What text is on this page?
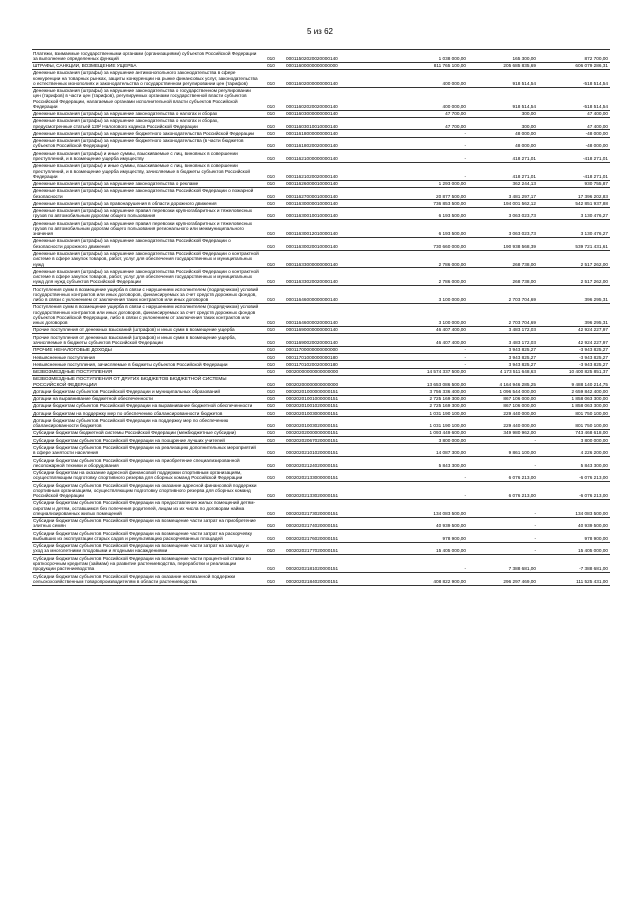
5 из 62
Платежи, взимаемые государственными органами (организациями) субъектов Российской Федерации за выполнение определенных функций	010	00011502020020000140	1 038 000,00	165 300,00	872 700,00
ШТРАФЫ, САНКЦИИ, ВОЗМЕЩЕНИЕ УЩЕРБА	010	00011600000000000000	811 765 100,00	205 685 835,69	606 079 286,31
Денежные взыскания (штрафы) за нарушение антимонопольного законодательства в сфере конкуренции на товарных рынках, защиты конкуренции на рынке финансовых услуг, законодательства о естественных монополиях и законодательства о государственном регулировании цен (тарифов)	010	00011602000000000140	400 000,00	918 514,54	-518 514,54
Денежные взыскания (штрафы) за нарушение законодательства о государственном регулировании цен (тарифов) в части цен (тарифов), регулируемых органами государственной власти субъектов Российской Федерации, налагаемые органами исполнительной власти субъектов Российской Федерации	010	00011602020020000140	400 000,00	918 514,54	-518 514,54
Денежные взыскания (штрафы) за нарушение законодательства о налогах и сборах	010	00011603000000000140	47 700,00	300,00	47 400,00
Денежные взыскания (штрафы) за нарушение законодательства о налогах и сборах, предусмотренные статьей 129² Налогового кодекса Российской Федерации	010	00011603010010000140	47 700,00	300,00	47 400,00
Денежные взыскания (штрафы) за нарушение бюджетного законодательства Российской Федерации	010	00011618000000000140	-	48 000,00	-48 000,00
Денежные взыскания (штрафы) за нарушение бюджетного законодательства (в части бюджетов субъектов Российской Федерации)	010	00011618020020000140	-	48 000,00	-48 000,00
Денежные взыскания (штрафы) и иные суммы, взыскиваемые с лиц, виновных в совершении преступлений, и в возмещение ущерба имуществу	010	00011621000000000140	-	418 271,01	-418 271,01
Денежные взыскания (штрафы) и иные суммы, взыскиваемые с лиц, виновных в совершении преступлений, и в возмещение ущерба имуществу, зачисляемые в бюджеты субъектов Российской Федерации	010	00011621020020000140	-	418 271,01	-418 271,01
Денежные взыскания (штрафы) за нарушение законодательства о рекламе	010	00011626000010000140	1 293 000,00	362 244,13	930 755,87
Денежные взыскания (штрафы) за нарушение законодательства Российской Федерации о пожарной безопасности	010	00011627000010000140	20 877 500,00	3 481 297,17	17 396 202,83
Денежные взыскания (штрафы) за правонарушения в области дорожного движения	010	00011630000010000140	736 853 500,00	194 001 562,12	542 851 937,88
Денежные взыскания (штрафы) за нарушение правил перевозки крупногабаритных и тяжеловесных грузов по автомобильным дорогам общего пользования	010	00011630010010000140	6 193 500,00	3 063 023,73	3 130 476,27
Денежные взыскания (штрафы) за нарушение правил перевозки крупногабаритных и тяжеловесных грузов по автомобильным дорогам общего пользования регионального или межмуниципального значения	010	00011630012010000140	6 193 500,00	3 063 023,73	3 130 476,27
Денежные взыскания (штрафы) за нарушение законодательства Российской Федерации о безопасности дорожного движения	010	00011630020010000140	730 660 000,00	190 938 568,39	539 721 431,61
Денежные взыскания (штрафы) за нарушение законодательства Российской Федерации о контрактной системе в сфере закупок товаров, работ, услуг для обеспечения государственных и муниципальных нужд	010	00011633000000000140	2 786 000,00	268 738,00	2 517 262,00
Денежные взыскания (штрафы) за нарушение законодательства Российской Федерации о контрактной системе в сфере закупок товаров, работ, услуг для обеспечения государственных и муниципальных нужд для нужд субъектов Российской Федерации	010	00011633020020000140	2 786 000,00	268 738,00	2 517 262,00
Поступления сумм в возмещение ущерба в связи с нарушением исполнителем (подрядчиком) условий государственных контрактов или иных договоров, финансируемых за счет средств дорожных фондов, либо в связи с уклонением от заключения таких контрактов или иных договоров	010	00011646000000000140	3 100 000,00	2 703 704,69	396 295,31
Поступления сумм в возмещение ущерба в связи с нарушением исполнителем (подрядчиком) условий государственных контрактов или иных договоров, финансируемых за счет средств дорожных фондов субъектов Российской Федерации, либо в связи с уклонением от заключения таких контрактов или иных договоров	010	00011646000020000140	3 100 000,00	2 703 704,69	396 295,31
Прочие поступления от денежных взысканий (штрафов) и иных сумм в возмещение ущерба	010	00011690000000000140	46 407 400,00	3 483 172,03	42 924 227,97
Прочие поступления от денежных взысканий (штрафов) и иных сумм в возмещение ущерба, зачисляемые в бюджеты субъектов Российской Федерации	010	00011690020020000140	46 407 400,00	3 483 172,03	42 924 227,97
ПРОЧИЕ НЕНАЛОГОВЫЕ ДОХОДЫ	010	00011700000000000000	-	3 943 825,27	-3 943 825,27
Невыясненные поступления	010	00011701000000000180	-	3 943 825,27	-3 943 825,27
Невыясненные поступления, зачисляемые в бюджеты субъектов Российской Федерации	010	00011701020020000180	-	3 943 825,27	-3 943 825,27
БЕЗВОЗМЕЗДНЫЕ ПОСТУПЛЕНИЯ	010	00020000000000000000	14 574 337 500,00	4 173 511 648,63	10 400 825 851,37
БЕЗВОЗМЕЗДНЫЕ ПОСТУПЛЕНИЯ ОТ ДРУГИХ БЮДЖЕТОВ БЮДЖЕТНОЙ СИСТЕМЫ РОССИЙСКОЙ ФЕДЕРАЦИИ	010	00020200000000000000	13 653 086 500,00	4 164 946 285,25	9 488 140 214,75
Дотации бюджетам субъектов Российской Федерации и муниципальных образований	010	00020201000000000151	3 756 336 400,00	1 096 544 000,00	2 659 842 400,00
Дотации на выравнивание бюджетной обеспеченности	010	00020201001000000151	2 725 169 300,00	867 106 000,00	1 858 063 300,00
Дотации бюджетам субъектов Российской Федерации на выравнивание бюджетной обеспеченности	010	00020201001020000151	2 725 169 300,00	867 106 000,00	1 858 063 300,00
Дотации бюджетам на поддержку мер по обеспечению сбалансированности бюджетов	010	00020201003000000151	1 031 190 100,00	229 440 000,00	801 750 100,00
Дотации бюджетам субъектов Российской Федерации на поддержку мер по обеспечению сбалансированности бюджетов	010	00020201003020000151	1 031 190 100,00	229 440 000,00	801 750 100,00
Субсидии бюджетам бюджетной системы Российской Федерации (межбюджетные субсидии)	010	00020202000000000151	1 093 449 600,00	349 980 962,00	743 468 618,00
Субсидии бюджетам субъектов Российской Федерации на поощрение лучших учителей	010	00020202067020000151	3 800 000,00	-	3 800 000,00
Субсидии бюджетам субъектов Российской Федерации на реализацию дополнительных мероприятий в сфере занятости населения	010	00020202101020000151	14 087 300,00	9 861 100,00	4 226 200,00
Субсидии бюджетам субъектов Российской Федерации на приобретение специализированной лесопожарной техники и оборудования	010	00020202124020000151	5 843 300,00	-	5 843 300,00
Субсидии бюджетам на оказание адресной финансовой поддержки спортивным организациям, осуществляющим подготовку спортивного резерва для сборных команд Российской Федерации	010	00020202133000000151	-	6 076 213,00	-6 076 213,00
Субсидии бюджетам субъектов Российской Федерации на оказание адресной финансовой поддержки спортивным организациям, осуществляющим подготовку спортивного резерва для сборных команд Российской Федерации	010	00020202133020000151	-	6 076 213,00	-6 076 213,00
Субсидии бюджетам субъектов Российской Федерации на предоставление жилых помещений детям-сиротам и детям, оставшимся без попечения родителей, лицам из их числа по договорам найма специализированных жилых помещений	010	00020202173020000151	134 083 500,00	-	134 083 500,00
Субсидии бюджетам субъектов Российской Федерации на возмещение части затрат на приобретение элитных семян	010	00020202174020000151	40 939 500,00	-	40 939 500,00
Субсидии бюджетам субъектов Российской Федерации на возмещение части затрат на раскорчевку выбывших из эксплуатации старых садов и рекультивацию раскорчеванных площадей	010	00020202176020000151	978 900,00	-	978 900,00
Субсидии бюджетам субъектов Российской Федерации на возмещение части затрат на закладку и уход за многолетними плодовыми и ягодными насаждениями	010	00020202177020000151	15 405 000,00	-	15 405 000,00
Субсидии бюджетам субъектов Российской Федерации на возмещение части процентной ставки по краткосрочным кредитам (займам) на развитие растениеводства, переработки и реализации продукции растениеводства	010	00020202181020000151	-	7 388 681,00	-7 388 681,00
Субсидии бюджетам субъектов Российской Федерации на оказание несвязанной поддержки сельскохозяйственным товаропроизводителям в области растениеводства	010	00020202184020000151	408 822 900,00	296 297 469,00	111 525 431,00
